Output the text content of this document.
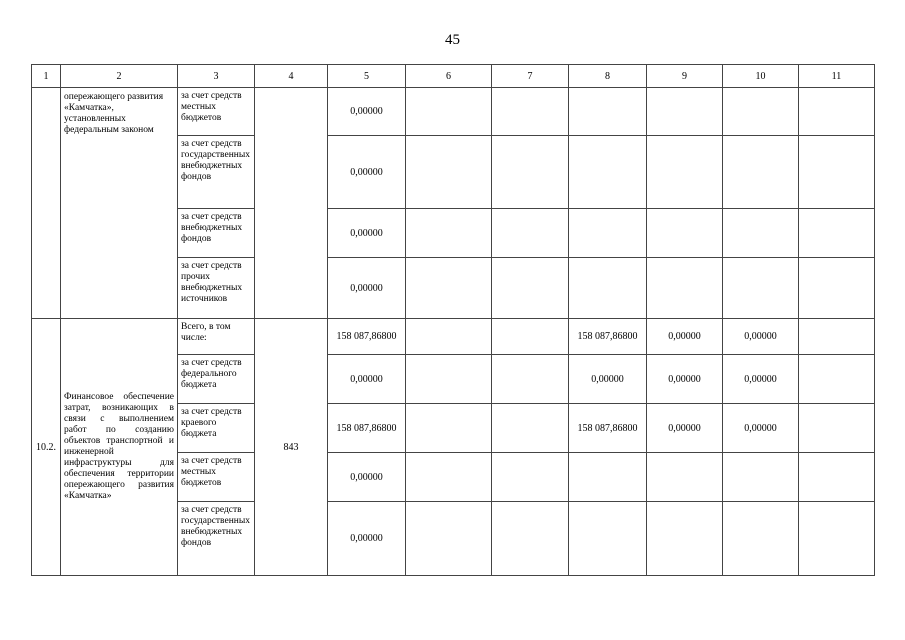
45
1	2	3	4	5	6	7	8	9	10	11
	опережающего развития «Камчатка», установленных федеральным законом	за счет средств местных бюджетов		0,00000						
		за счет средств государственных внебюджетных фондов		0,00000						
		за счет средств внебюджетных фондов		0,00000						
		за счет средств прочих внебюджетных источников		0,00000						
10.2.	Финансовое обеспечение затрат, возникающих в связи с выполнением работ по созданию объектов транспортной и инженерной инфраструктуры для обеспечения территории опережающего развития «Камчатка»	Всего, в том числе:	843	158 087,86800			158 087,86800	0,00000	0,00000	
		за счет средств федерального бюджета		0,00000			0,00000	0,00000	0,00000	
		за счет средств краевого бюджета		158 087,86800			158 087,86800	0,00000	0,00000	
		за счет средств местных бюджетов		0,00000						
		за счет средств государственных внебюджетных фондов		0,00000						
